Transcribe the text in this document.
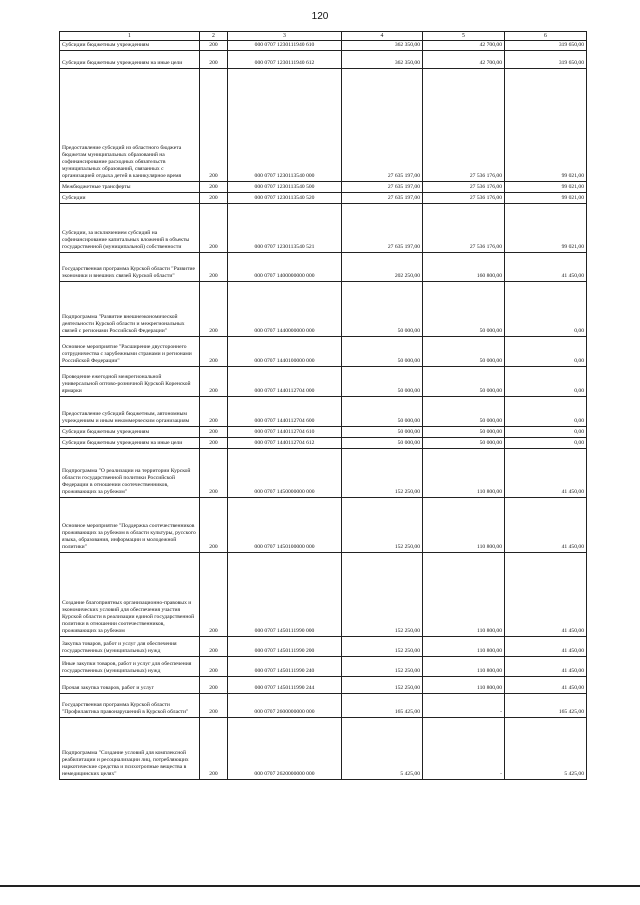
120
1	2	3	4	5	6
Субсидии бюджетным учреждениям	200	000 0707 1230111940 610	362 350,00	42 700,00	319 650,00
Субсидии бюджетным учреждениям на иные цели	200	000 0707 1230111940 612	362 350,00	42 700,00	319 650,00
Предоставление субсидий из областного бюджета бюджетам муниципальных образований на софинансирование расходных обязательств муниципальных образований, связанных с организацией отдыха детей в каникулярное время	200	000 0707 1230113540 000	27 635 197,00	27 536 176,00	99 021,00
Межбюджетные трансферты	200	000 0707 1230113540 500	27 635 197,00	27 536 176,00	99 021,00
Субсидии	200	000 0707 1230113540 520	27 635 197,00	27 536 176,00	99 021,00
Субсидии, за исключением субсидий на софинансирование капитальных вложений в объекты государственной (муниципальной) собственности	200	000 0707 1230113540 521	27 635 197,00	27 536 176,00	99 021,00
Государственная программа Курской области "Развитие экономики и внешних связей Курской области"	200	000 0707 1400000000 000	202 250,00	160 800,00	41 450,00
Подпрограмма "Развитие внешнеэкономической деятельности Курской области и межрегиональных связей с регионами Российской Федерации"	200	000 0707 1440000000 000	50 000,00	50 000,00	0,00
Основное мероприятие "Расширение двустороннего сотрудничества с зарубежными странами и регионами Российской Федерации"	200	000 0707 1440100000 000	50 000,00	50 000,00	0,00
Проведение ежегодной межрегиональной универсальной оптово-розничной Курской Коренской ярмарки	200	000 0707 1440112704 000	50 000,00	50 000,00	0,00
Предоставление субсидий бюджетным, автономным учреждениям и иным некоммерческим организациям	200	000 0707 1440112704 600	50 000,00	50 000,00	0,00
Субсидии бюджетным учреждениям	200	000 0707 1440112704 610	50 000,00	50 000,00	0,00
Субсидии бюджетным учреждениям на иные цели	200	000 0707 1440112704 612	50 000,00	50 000,00	0,00
Подпрограмма "О реализации на территории Курской области государственной политики Российской Федерации в отношении соотечественников, проживающих за рубежом"	200	000 0707 1450000000 000	152 250,00	110 800,00	41 450,00
Основное мероприятие "Поддержка соотечественников проживающих за рубежом в области культуры, русского языка, образования, информации и молодежной политики"	200	000 0707 1450100000 000	152 250,00	110 800,00	41 450,00
Создание благоприятных организационно-правовых и экономических условий для обеспечения участия Курской области в реализации единой государственной политики в отношении соотечественников, проживающих за рубежом	200	000 0707 1450111990 000	152 250,00	110 800,00	41 450,00
Закупка товаров, работ и услуг для обеспечения государственных (муниципальных) нужд	200	000 0707 1450111990 200	152 250,00	110 800,00	41 450,00
Иные закупки товаров, работ и услуг для обеспечения государственных (муниципальных) нужд	200	000 0707 1450111990 240	152 250,00	110 800,00	41 450,00
Прочая закупка товаров, работ и услуг	200	000 0707 1450111990 244	152 250,00	110 800,00	41 450,00
Государственная программа Курской области "Профилактика правонарушений в Курской области"	200	000 0707 2600000000 000	165 425,00	-	165 425,00
Подпрограмма "Создание условий для комплексной реабилитации и ресоциализации лиц, потребляющих наркотические средства и психотропные вещества в немедицинских целях"	200	000 0707 2620000000 000	5 425,00	-	5 425,00
